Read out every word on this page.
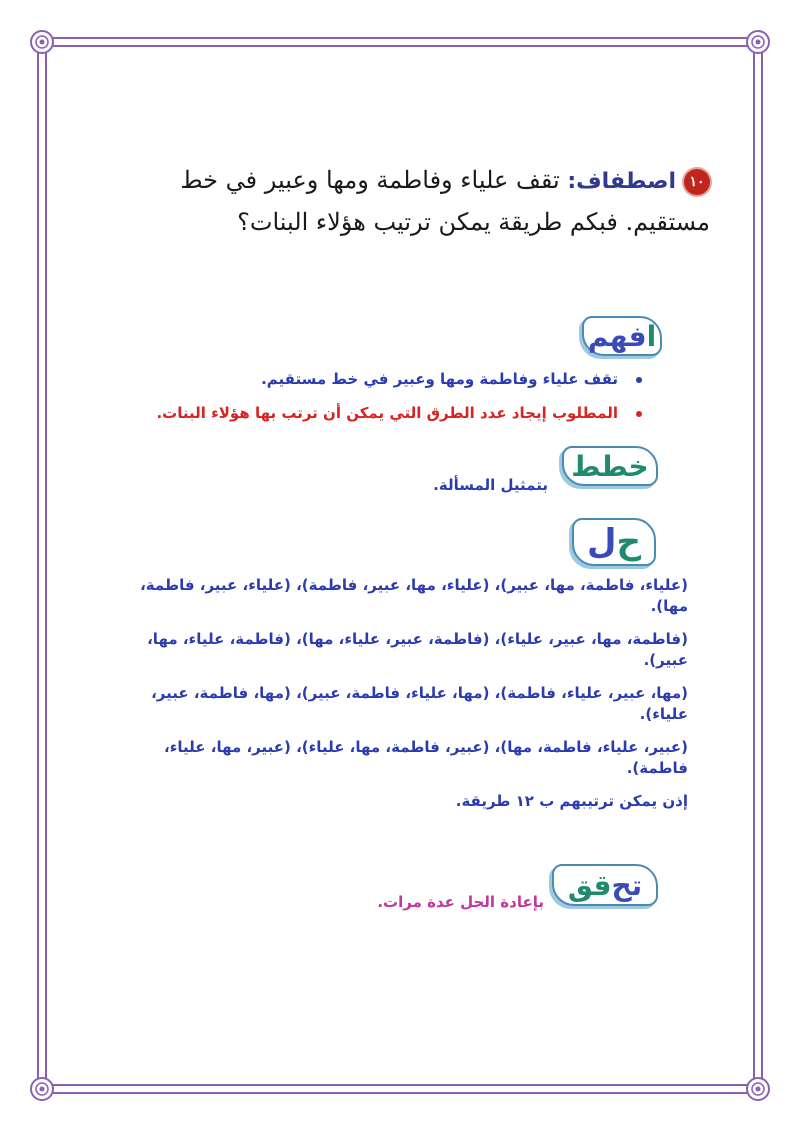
١٠اصطفاف: تقف علياء وفاطمة ومها وعبير في خط
مستقيم. فبكم طريقة يمكن ترتيب هؤلاء البنات؟
ا
فهم
تقف علياء وفاطمة ومها وعبير في خط مستقيم.
المطلوب إيجاد عدد الطرق التي يمكن أن ترتب بها هؤلاء البنات.
خطط
بتمثيل المسألة.
ح
ل
(علياء، فاطمة، مها، عبير)، (علياء، مها، عبير، فاطمة)، (علياء، عبير، فاطمة، مها).
(فاطمة، مها، عبير، علياء)، (فاطمة، عبير، علياء، مها)، (فاطمة، علياء، مها، عبير).
(مها، عبير، علياء، فاطمة)، (مها، علياء، فاطمة، عبير)، (مها، فاطمة، عبير، علياء).
(عبير، علياء، فاطمة، مها)، (عبير، فاطمة، مها، علياء)، (عبير، مها، علياء، فاطمة).
إذن يمكن ترتيبهم ب ١٢ طريقة.
تح
قق
بإعادة الحل عدة مرات.
